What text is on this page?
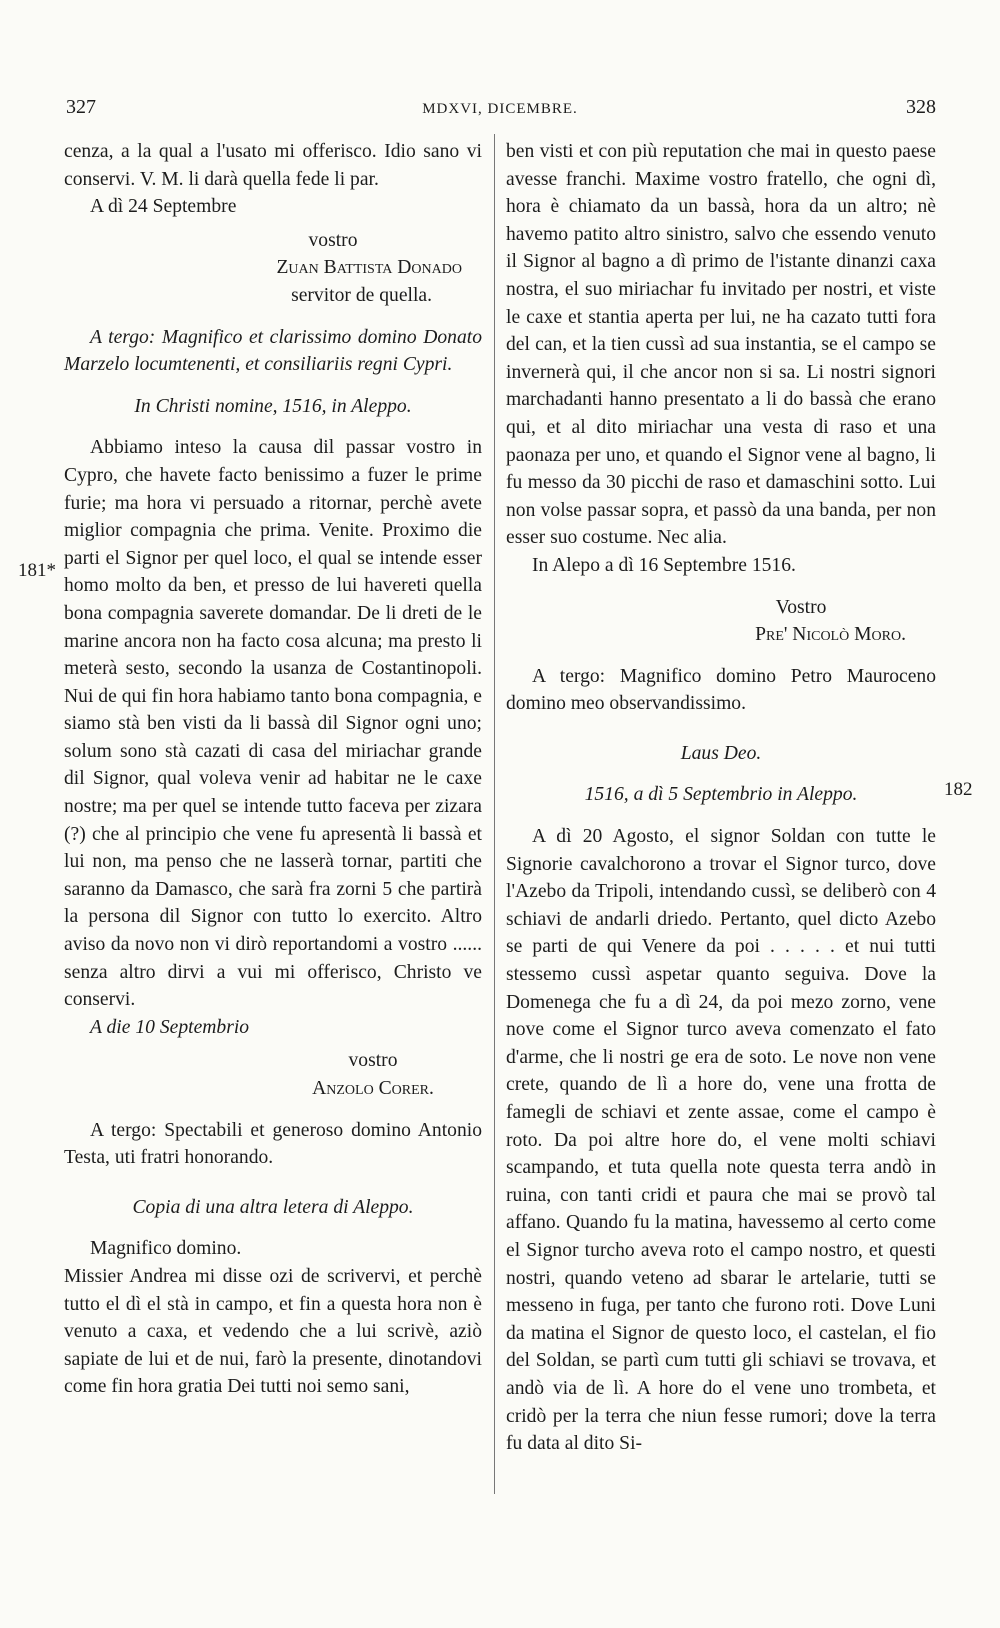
327	MDXVI, DICEMBRE.	328
181*
182

cenza, a la qual a l'usato mi offerisco. Idio sano vi conservi. V. M. li darà quella fede li par.

A dì 24 Septembre

vostro

Zuan Battista Donado

servitor de quella.

A tergo: Magnifico et clarissimo domino Donato Marzelo locumtenenti, et consiliariis regni Cypri.

In Christi nomine, 1516, in Aleppo.

Abbiamo inteso la causa dil passar vostro in Cypro, che havete facto benissimo a fuzer le prime furie; ma hora vi persuado a ritornar, perchè avete miglior compagnia che prima. Venite. Proximo die parti el Signor per quel loco, el qual se intende esser homo molto da ben, et presso de lui havereti quella bona compagnia saverete domandar. De li dreti de le marine ancora non ha facto cosa alcuna; ma presto li meterà sesto, secondo la usanza de Costantinopoli. Nui de qui fin hora habiamo tanto bona compagnia, e siamo stà ben visti da li bassà dil Signor ogni uno; solum sono stà cazati di casa del miriachar grande dil Signor, qual voleva venir ad habitar ne le caxe nostre; ma per quel se intende tutto faceva per zizara (?) che al principio che vene fu apresentà li bassà et lui non, ma penso che ne lasserà tornar, partiti che saranno da Damasco, che sarà fra zorni 5 che partirà la persona dil Signor con tutto lo exercito. Altro aviso da novo non vi dirò reportandomi a vostro ...... senza altro dirvi a vui mi offerisco, Christo ve conservi.

A die 10 Septembrio

vostro

Anzolo Corer.

A tergo: Spectabili et generoso domino Antonio Testa, uti fratri honorando.

Copia di una altra letera di Aleppo.

Magnifico domino.

Missier Andrea mi disse ozi de scrivervi, et perchè tutto el dì el stà in campo, et fin a questa hora non è venuto a caxa, et vedendo che a lui scrivè, aziò sapiate de lui et de nui, farò la presente, dinotandovi come fin hora gratia Dei tutti noi semo sani,

ben visti et con più reputation che mai in questo paese avesse franchi. Maxime vostro fratello, che ogni dì, hora è chiamato da un bassà, hora da un altro; nè havemo patito altro sinistro, salvo che essendo venuto il Signor al bagno a dì primo de l'istante dinanzi caxa nostra, el suo miriachar fu invitado per nostri, et viste le caxe et stantia aperta per lui, ne ha cazato tutti fora del can, et la tien cussì ad sua instantia, se el campo se invernerà qui, il che ancor non si sa. Li nostri signori marchadanti hanno presentato a li do bassà che erano qui, et al dito miriachar una vesta di raso et una paonaza per uno, et quando el Signor vene al bagno, li fu messo da 30 picchi de raso et damaschini sotto. Lui non volse passar sopra, et passò da una banda, per non esser suo costume. Nec alia.

In Alepo a dì 16 Septembre 1516.

Vostro

Pre' Nicolò Moro.

A tergo: Magnifico domino Petro Mauroceno domino meo observandissimo.

Laus Deo.

1516, a dì 5 Septembrio in Aleppo.

A dì 20 Agosto, el signor Soldan con tutte le Signorie cavalchorono a trovar el Signor turco, dove l'Azebo da Tripoli, intendando cussì, se deliberò con 4 schiavi de andarli driedo. Pertanto, quel dicto Azebo se parti de qui Venere da poi . . . . . et nui tutti stessemo cussì aspetar quanto seguiva. Dove la Domenega che fu a dì 24, da poi mezo zorno, vene nove come el Signor turco aveva comenzato el fato d'arme, che li nostri ge era de soto. Le nove non vene crete, quando de lì a hore do, vene una frotta de famegli de schiavi et zente assae, come el campo è roto. Da poi altre hore do, el vene molti schiavi scampando, et tuta quella note questa terra andò in ruina, con tanti cridi et paura che mai se provò tal affano. Quando fu la matina, havessemo al certo come el Signor turcho aveva roto el campo nostro, et questi nostri, quando veteno ad sbarar le artelarie, tutti se messeno in fuga, per tanto che furono roti. Dove Luni da matina el Signor de questo loco, el castelan, el fio del Soldan, se partì cum tutti gli schiavi se trovava, et andò via de lì. A hore do el vene uno trombeta, et cridò per la terra che niun fesse rumori; dove la terra fu data al dito Si-
